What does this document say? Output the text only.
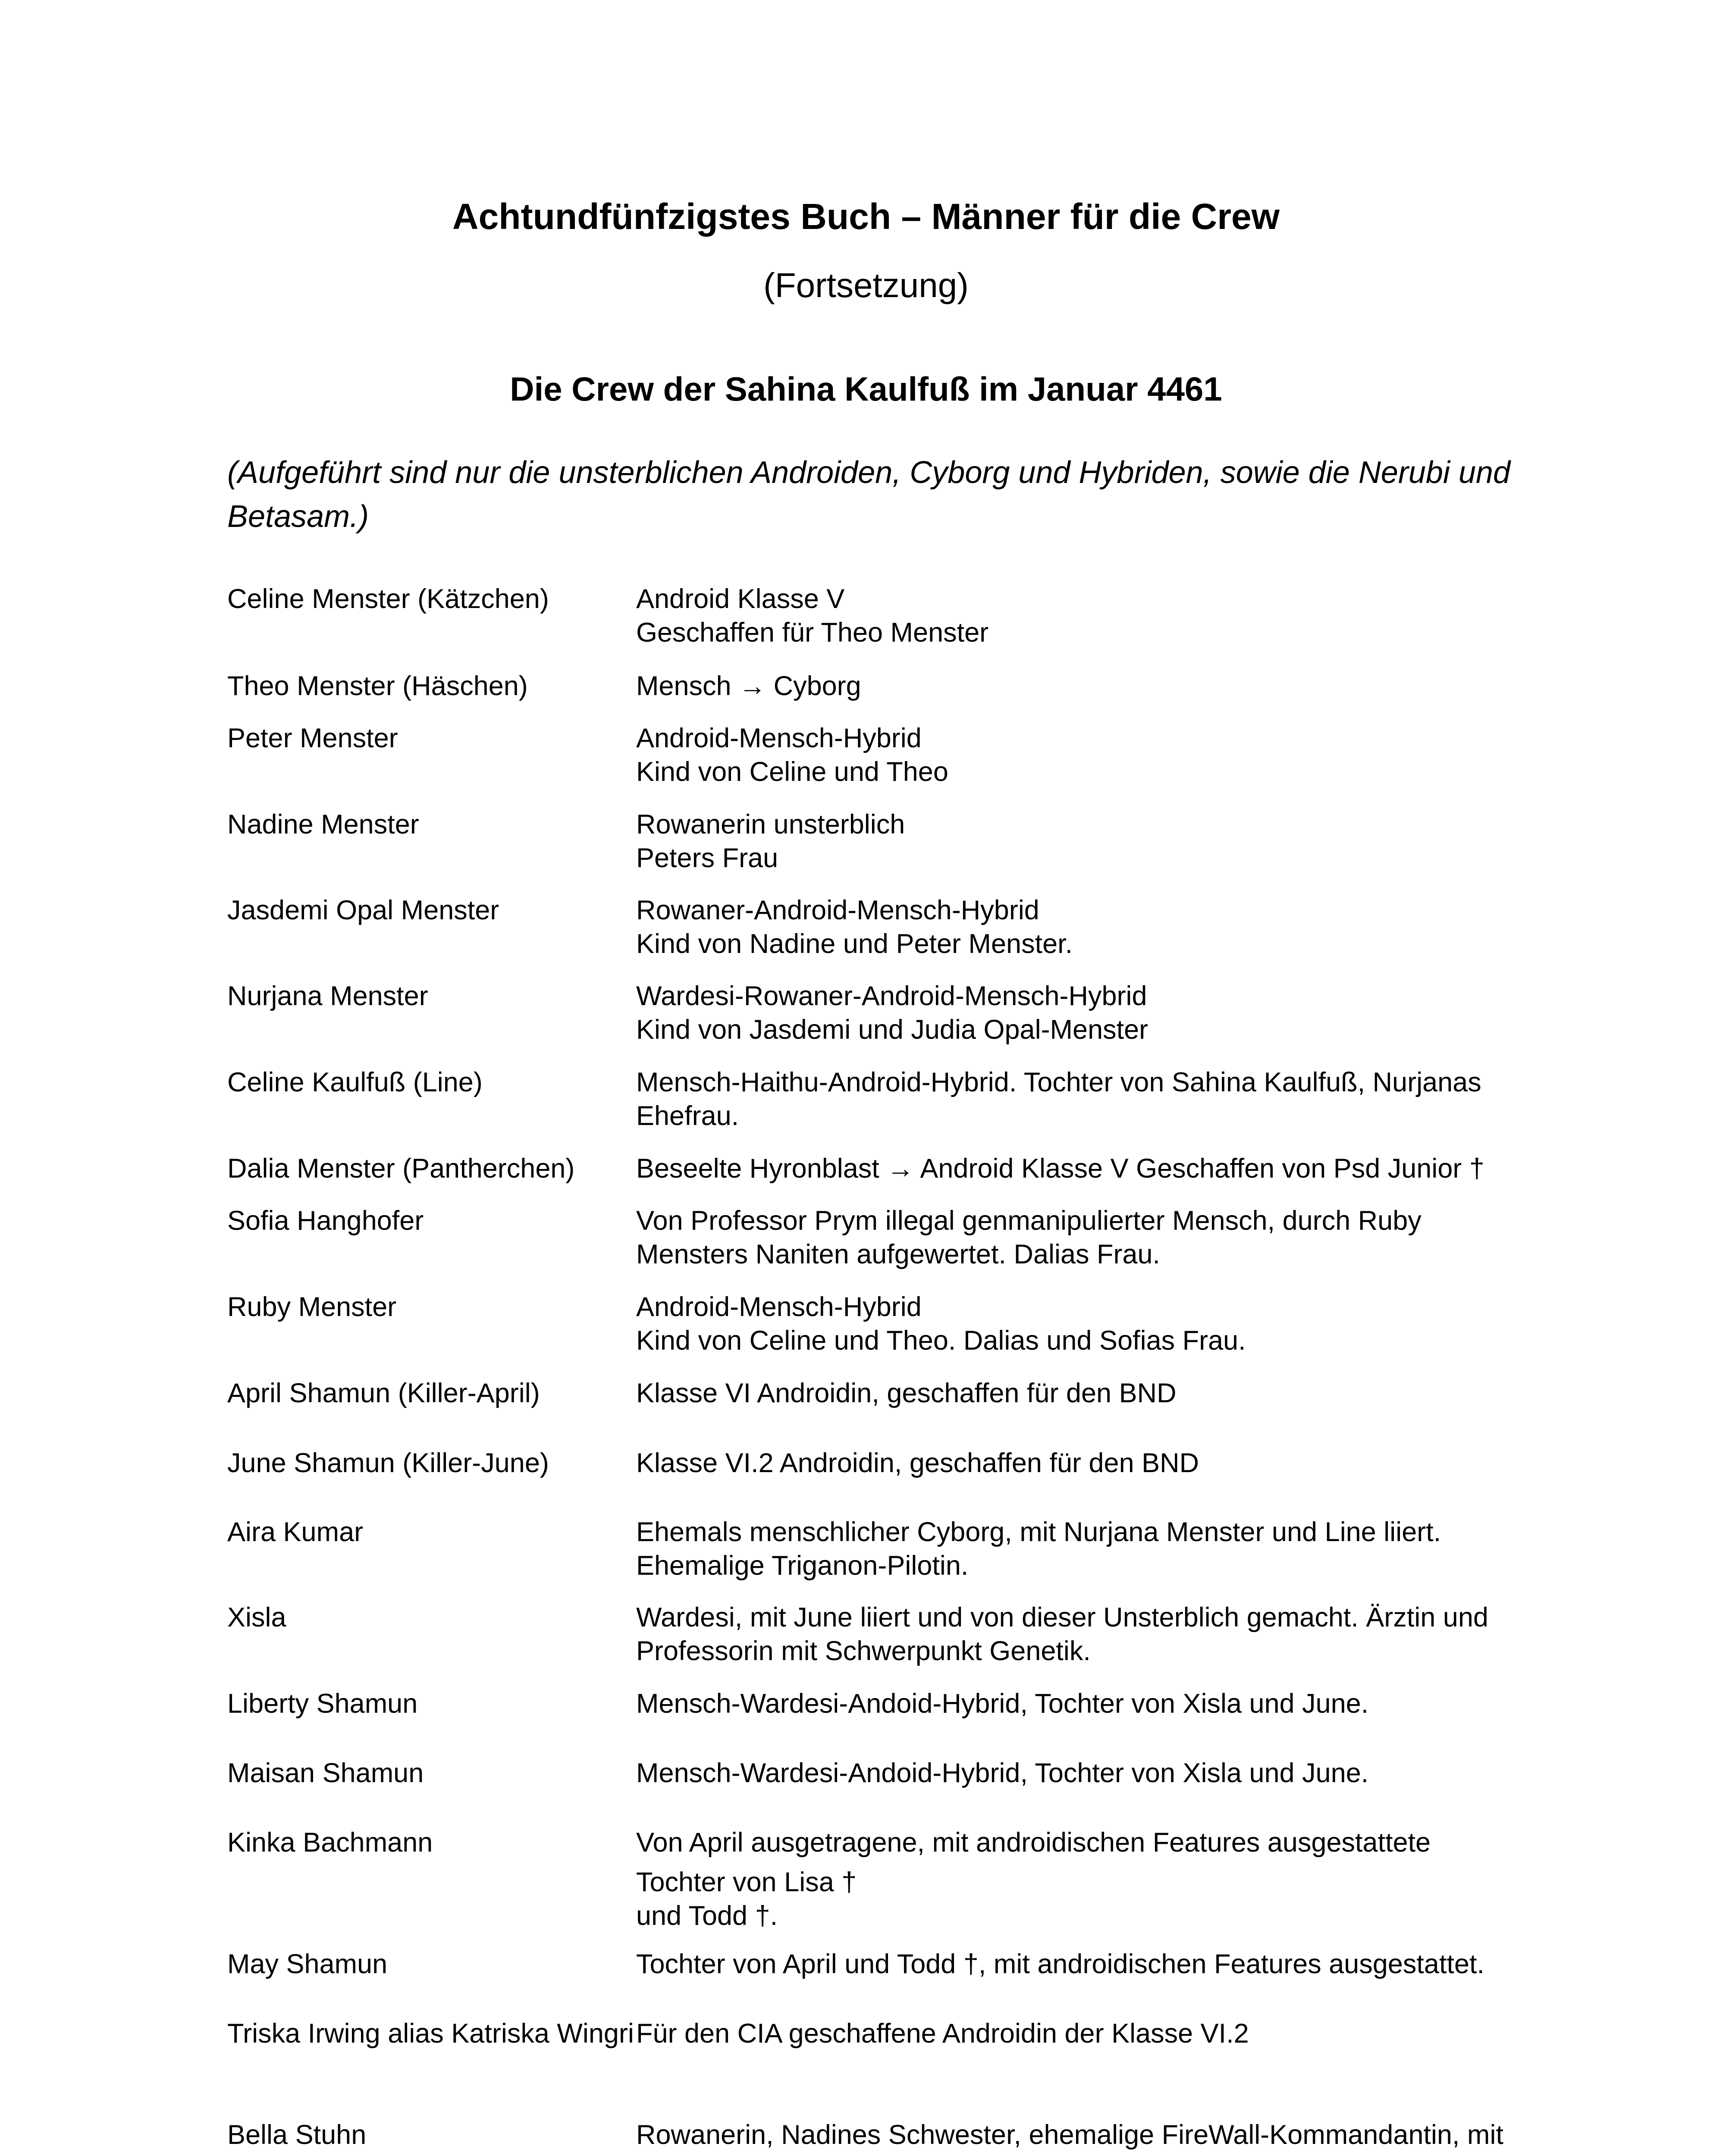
Achtundfünfzigstes Buch – Männer für die Crew
(Fortsetzung)
Die Crew der Sahina Kaulfuß im Januar 4461
(Aufgeführt sind nur die unsterblichen Androiden, Cyborg und Hybriden, sowie die Nerubi und Betasam.)
Celine Menster (Kätzchen)	Android Klasse V
Geschaffen für Theo Menster
Theo Menster (Häschen)	Mensch → Cyborg
Peter Menster	Android-Mensch-Hybrid
Kind von Celine und Theo
Nadine Menster	Rowanerin unsterblich
Peters Frau
Jasdemi Opal Menster	Rowaner-Android-Mensch-Hybrid
Kind von Nadine und Peter Menster.
Nurjana Menster	Wardesi-Rowaner-Android-Mensch-Hybrid
Kind von Jasdemi und Judia Opal-Menster
Celine Kaulfuß (Line)	Mensch-Haithu-Android-Hybrid. Tochter von Sahina Kaulfuß, Nurjanas
Ehefrau.
Dalia Menster (Pantherchen)	Beseelte Hyronblast → Android Klasse V Geschaffen von Psd Junior †
Sofia Hanghofer	Von Professor Prym illegal genmanipulierter Mensch, durch Ruby
Mensters Naniten aufgewertet. Dalias Frau.
Ruby Menster	Android-Mensch-Hybrid
Kind von Celine und Theo. Dalias und Sofias Frau.
April Shamun (Killer-April)	Klasse VI Androidin, geschaffen für den BND
June Shamun (Killer-June)	Klasse VI.2 Androidin, geschaffen für den BND
Aira Kumar	Ehemals menschlicher Cyborg, mit Nurjana Menster und Line liiert.
Ehemalige Triganon-Pilotin.
Xisla	Wardesi, mit June liiert und von dieser Unsterblich gemacht. Ärztin und
Professorin mit Schwerpunkt Genetik.
Liberty Shamun	Mensch-Wardesi-Andoid-Hybrid, Tochter von Xisla und June.
Maisan Shamun	Mensch-Wardesi-Andoid-Hybrid, Tochter von Xisla und June.
Kinka Bachmann	Von April ausgetragene, mit androidischen Features ausgestattete
Tochter von Lisa †
und Todd †.
May Shamun	Tochter von April und Todd †, mit androidischen Features ausgestattet.
Triska Irwing alias Katriska Wingri Für den CIA geschaffene Androidin der Klasse VI.2
Bella Stuhn	Rowanerin, Nadines Schwester, ehemalige FireWall-Kommandantin, mit
